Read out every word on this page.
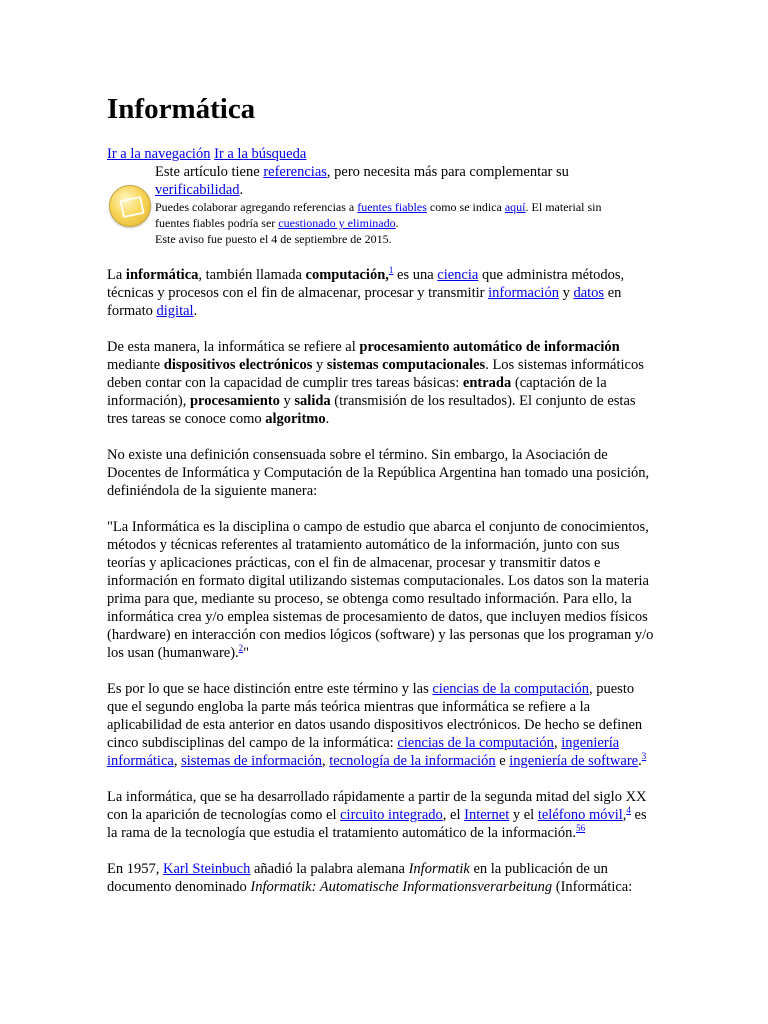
Informática
Ir a la navegación Ir a la búsqueda
Este artículo tiene referencias, pero necesita más para complementar su
verificabilidad.
Puedes colaborar agregando referencias a fuentes fiables como se indica aquí. El material sin
fuentes fiables podría ser cuestionado y eliminado.
Este aviso fue puesto el 4 de septiembre de 2015.

La informática, también llamada computación,$^1$ es una ciencia que administra métodos, técnicas y procesos con el fin de almacenar, procesar y transmitir información y datos en formato digital.

De esta manera, la informática se refiere al procesamiento automático de información mediante dispositivos electrónicos y sistemas computacionales. Los sistemas informáticos deben contar con la capacidad de cumplir tres tareas básicas: entrada (captación de la información), procesamiento y salida (transmisión de los resultados). El conjunto de estas tres tareas se conoce como algoritmo.

No existe una definición consensuada sobre el término. Sin embargo, la Asociación de Docentes de Informática y Computación de la República Argentina han tomado una posición, definiéndola de la siguiente manera:

"La Informática es la disciplina o campo de estudio que abarca el conjunto de conocimientos, métodos y técnicas referentes al tratamiento automático de la información, junto con sus teorías y aplicaciones prácticas, con el fin de almacenar, procesar y transmitir datos e información en formato digital utilizando sistemas computacionales. Los datos son la materia prima para que, mediante su proceso, se obtenga como resultado información. Para ello, la informática crea y/o emplea sistemas de procesamiento de datos, que incluyen medios físicos (hardware) en interacción con medios lógicos (software) y las personas que los programan y/o los usan (humanware).$^2$"

Es por lo que se hace distinción entre este término y las ciencias de la computación, puesto que el segundo engloba la parte más teórica mientras que informática se refiere a la aplicabilidad de esta anterior en datos usando dispositivos electrónicos. De hecho se definen cinco subdisciplinas del campo de la informática: ciencias de la computación, ingeniería informática, sistemas de información, tecnología de la información e ingeniería de software.$^3$

La informática, que se ha desarrollado rápidamente a partir de la segunda mitad del siglo XX con la aparición de tecnologías como el circuito integrado, el Internet y el teléfono móvil,$^4$ es la rama de la tecnología que estudia el tratamiento automático de la información.$^{56}$

En 1957, Karl Steinbuch añadió la palabra alemana Informatik en la publicación de un documento denominado Informatik: Automatische Informationsverarbeitung (Informática:
